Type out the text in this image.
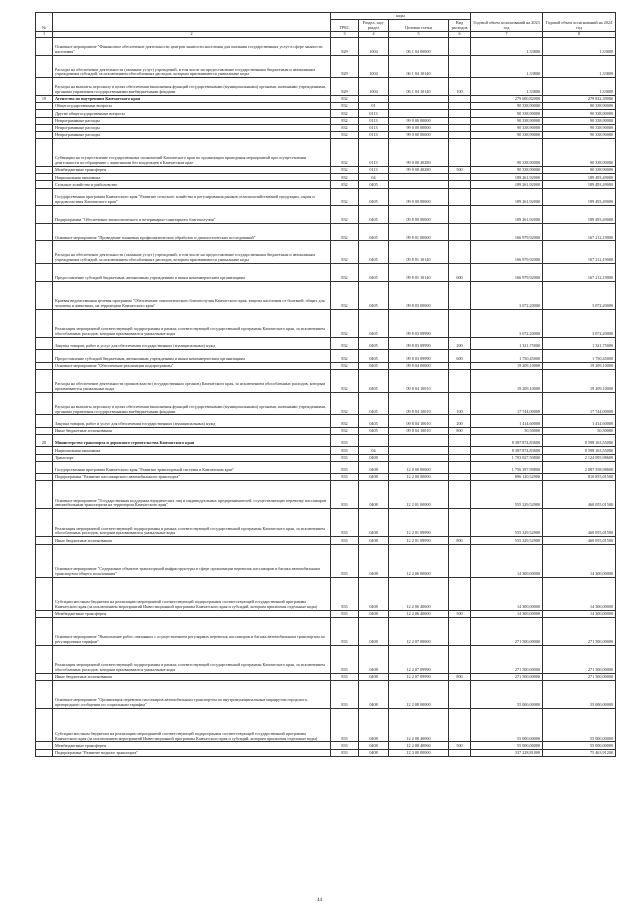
№		коды				Годовой объем ассигнований на 2023 год	Годовой объем ассигнований на 2024 год
		ГРБС	Раздел, под-раздел	Целевая статья	Вид расходов		
1	2	3	4	5	6	7	8
	Основное мероприятие "Финансовое обеспечение деятельности центров занятости населения для оказания государственных услуг в сфере занятости населения"	829	1004	06 1 04 00000		1,33800	1,33800
	Расходы на обеспечение деятельности (оказание услуг) учреждений, в том числе на предоставление государственным бюджетным и автономным учреждениям субсидий, за исключением обособленных расходов, которым присваиваются уникальные коды	829	1004	06 1 04 10140		1,33800	1,33800
	Расходы на выплаты персоналу в целях обеспечения выполнения функций государственными (муниципальными) органами, казенными учреждениями, органами управления государственными внебюджетными фондами	829	1004	06 1 04 10140	100	1,33800	1,33800
19	Агентство по внутренним Камчатского края	832				279 600,82000	279 832,39000
	Общегосударственные вопросы	832	01			90 338,90000	90 338,90000
	Другие общегосударственные вопросы	832	0113			90 338,90000	90 338,90000
	Непрограммные расходы	832	0113	99 0 00 00000		90 338,90000	90 338,90000
	Непрограммные расходы	832	0113	99 0 00 00000		90 338,90000	90 338,90000
	Непрограммные расходы	832	0113	99 0 00 00000		90 338,90000	90 338,90000
	Субвенции на осуществление государственных полномочий Камчатского края по организации проведения мероприятий при осуществлении деятельности по обращению с животными без владельцев в Камчатском крае	832	0113	99 0 00 40280		90 338,90000	90 338,90000
	Межбюджетные трансферты	832	0113	99 0 00 40280	500	90 338,90000	90 338,90000
	Национальная экономика	832	04			189 261,92000	189 493,49000
	Сельское хозяйство и рыболовство	832	0405			189 261,92000	189 493,49000
	Государственная программа Камчатского края "Развитие сельского хозяйства и регулирования рынков сельскохозяйственной продукции, сырья и продовольствия Камчатского края"	832	0405	09 0 00 00000		189 261,92000	189 493,49000
	Подпрограмма "Обеспечение эпизоотического и ветеринарно-санитарного благополучия"	832	0405	09 8 00 00000		189 261,92000	189 493,49000
	Основное мероприятие "Проведение плановых профилактических обработок и диагностических исследований"	832	0405	09 8 01 00000		166 979,92000	167 212,19000
	Расходы на обеспечение деятельности (оказание услуг) учреждений, в том числе на предоставление государственным бюджетным и автономным учреждениям субсидий, за исключением обособленных расходов, которым присваиваются уникальные коды	832	0405	09 8 01 10140		166 979,92000	167 212,19000
	Предоставление субсидий бюджетным, автономным учреждениям и иным некоммерческим организациям	832	0405	09 8 01 10140	600	166 979,92000	167 212,19000
	Краевая ведомственная целевая программа "Обеспечение эпизоотического благополучия Камчатского края, защиты населения от болезней, общих для человека и животных, на территории Камчатского края"	832	0405	09 8 03 00000		3 072,20000	3 072,20000
	Реализация мероприятий соответствующей подпрограммы в рамках соответствующей государственной программы Камчатского края, за исключением обособленных расходов, которым присваиваются уникальные коды	832	0405	09 8 03 09990		3 072,20000	3 072,20000
	Закупка товаров, работ и услуг для обеспечения государственных (муниципальных) нужд	832	0405	09 8 03 09990	200	1 321,75000	1 321,75000
	Предоставление субсидий бюджетным, автономным учреждениям и иным некоммерческим организациям	832	0405	09 8 03 09990	600	1 750,45000	1 750,45000
	Основное мероприятие "Обеспечение реализации подпрограммы"	832	0405	09 8 04 00000		19 209,10000	19 209,10000
	Расходы на обеспечение деятельности органов власти (государственных органов) Камчатского края, за исключением обособленных расходов, которым присваиваются уникальные коды	832	0405	09 8 04 10010		19 209,10000	19 209,10000
	Расходы на выплаты персоналу в целях обеспечения выполнения функций государственными (муниципальными) органами, казенными учреждениями, органами управления государственными внебюджетными фондами	832	0405	09 8 04 10010	100	17 744,00000	17 744,00000
	Закупка товаров, работ и услуг для обеспечения государственных (муниципальных) нужд	832	0405	09 8 04 10010	200	1 414,60000	1 414,60000
	Иные бюджетные ассигнования	832	0405	09 8 04 10010	800	50,50000	50,50000
20	Министерство транспорта и дорожного строительства Камчатского края	833				8 387 874,83600	8 598 163,55000
	Национальная экономика	833	04			8 387 874,83600	8 598 163,55000
	Транспорт	833	0408			1 793 027,50800	2 124 095,98600
	Государственная программа Камчатского края "Развитие транспортной системы в Камчатском крае"	833	0408	12 0 00 00000		1 756 397,99800	2 087 558,98600
	Подпрограмма "Развитие пассажирского автомобильного транспорта"	833	0408	12 2 00 00000		896 120,52900	810 855,01500
	Основное мероприятие "Государственная поддержка юридических лиц и индивидуальных предпринимателей, осуществляющих перевозку пассажиров автомобильным транспортом на территории Камчатского края"	833	0408	12 2 01 00000		555 329,52900	460 055,01500
	Реализация мероприятий соответствующей подпрограммы в рамках соответствующей государственной программы Камчатского края, за исключением обособленных расходов, которым присваиваются уникальные коды	833	0408	12 2 01 09990		555 329,52900	460 055,01500
	Иные бюджетные ассигнования	833	0408	12 2 01 09990	800	555 329,52900	460 055,01500
	Основное мероприятие "Содержание объектов транспортной инфраструктуры в сфере организации перевозок пассажиров и багажа автомобильным транспортом общего пользования"	833	0408	12 2 06 00000		14 300,00000	14 300,00000
	Субсидии местным бюджетам на реализацию мероприятий соответствующей подпрограммы соответствующей государственной программы Камчатского края (за исключением мероприятий Инвестиционной программы Камчатского края и субсидий, которым присвоены отдельные коды)	833	0408	12 2 06 40600		14 300,00000	14 300,00000
	Межбюджетные трансферты	833	0408	12 2 06 40600	500	14 300,00000	14 300,00000
	Основное мероприятие "Выполнение работ, связанных с осуществлением регулярных перевозок пассажиров и багажа автомобильным транспортом по регулируемым тарифам"	833	0408	12 2 07 00000		271 500,00000	271 500,00000
	Реализация мероприятий соответствующей подпрограммы в рамках соответствующей государственной программы Камчатского края, за исключением обособленных расходов, которым присваиваются уникальные коды	833	0408	12 2 07 09990		271 500,00000	271 500,00000
	Иные бюджетные ассигнования	833	0408	12 2 07 09990	800	271 500,00000	271 500,00000
	Основное мероприятие "Организация перевозок пассажиров автомобильным транспортом по внутримуниципальным маршрутам городского, пригородного сообщения по социальным тарифам"	833	0408	12 2 08 00000		55 000,00000	55 000,00000
	Субсидии местным бюджетам на реализацию мероприятий соответствующей подпрограммы соответствующей государственной программы Камчатского края (за исключением мероприятий Инвестиционной программы Камчатского края и субсидий, которым присвоены отдельные коды)	833	0408	12 2 08 40060		55 000,00000	55 000,00000
	Межбюджетные трансферты	833	0408	12 2 08 40060	500	55 000,00000	55 000,00000
	Подпрограмма "Развитие водного транспорта"	833	0408	12 3 00 00000		337 228,81000	75 463,91200
44
